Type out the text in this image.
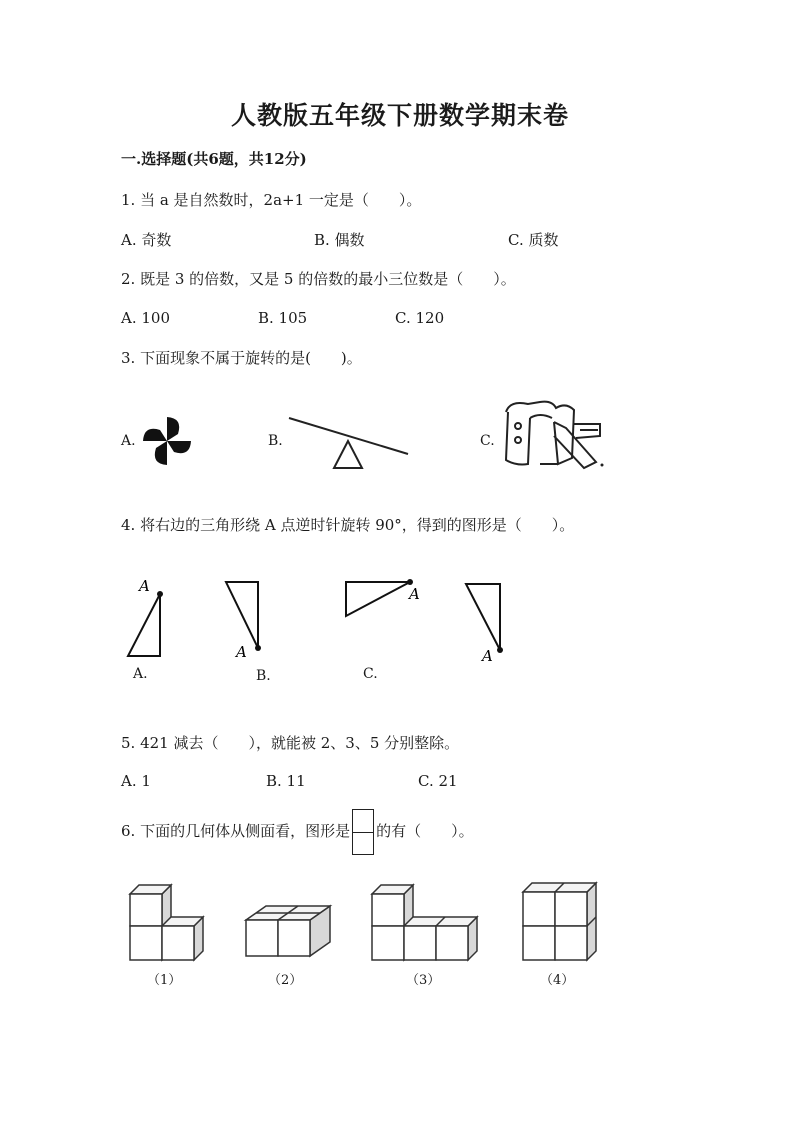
人教版五年级下册数学期末卷
一.选择题(共6题，共12分)
1. 当 a 是自然数时，2a+1 一定是（　　）。
A. 奇数	B. 偶数	C. 质数
2. 既是 3 的倍数，又是 5 的倍数的最小三位数是（　　）。
A. 100	B. 105	C. 120
3. 下面现象不属于旋转的是(　　)。
A.	B.	C.
4. 将右边的三角形绕 A 点逆时针旋转 90°，得到的图形是（　　）。
A
A.
A
B.
A
C.
A
5. 421 减去（　　），就能被 2、3、5 分别整除。
A. 1	B. 11	C. 21
6. 下面的几何体从侧面看，图形是 的有（　　）。
（1）	（2）	（3）	（4）
